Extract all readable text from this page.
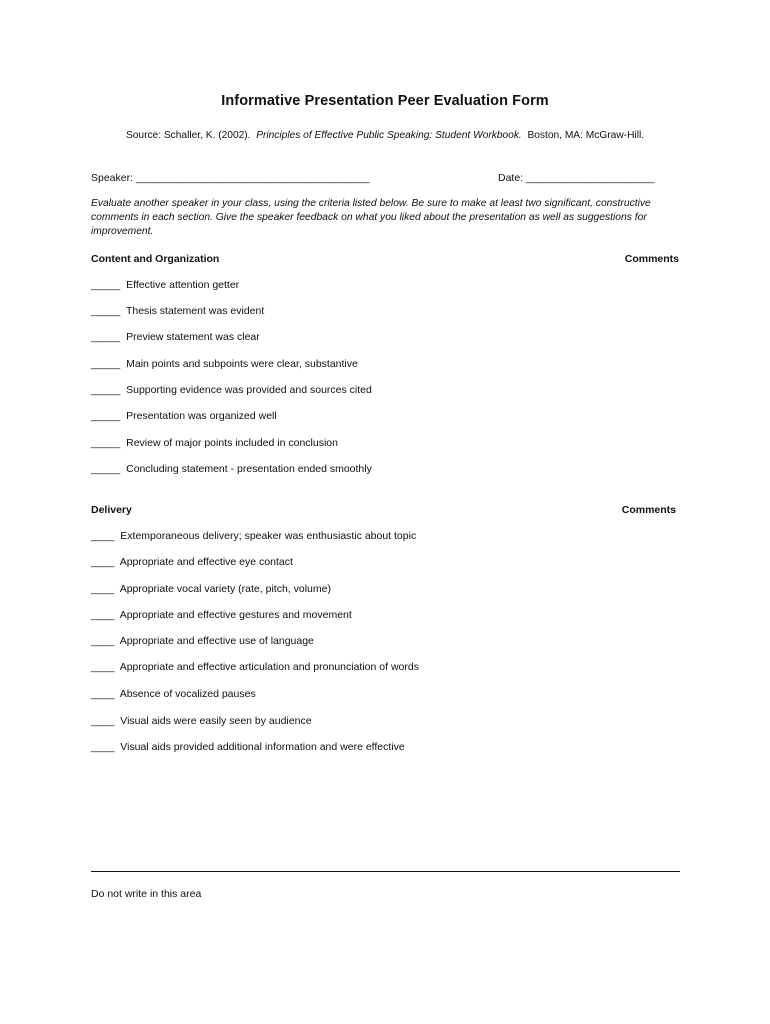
Informative Presentation Peer Evaluation Form
Source: Schaller, K. (2002). Principles of Effective Public Speaking: Student Workbook. Boston, MA: McGraw-Hill.
Speaker: ________________________________________	Date: ______________________
Evaluate another speaker in your class, using the criteria listed below. Be sure to make at least two significant, constructive comments in each section. Give the speaker feedback on what you liked about the presentation as well as suggestions for improvement.
Content and Organization	Comments
_____ Effective attention getter
_____ Thesis statement was evident
_____ Preview statement was clear
_____ Main points and subpoints were clear, substantive
_____ Supporting evidence was provided and sources cited
_____ Presentation was organized well
_____ Review of major points included in conclusion
_____ Concluding statement - presentation ended smoothly
Delivery	Comments
____ Extemporaneous delivery; speaker was enthusiastic about topic
____ Appropriate and effective eye contact
____ Appropriate vocal variety (rate, pitch, volume)
____ Appropriate and effective gestures and movement
____ Appropriate and effective use of language
____ Appropriate and effective articulation and pronunciation of words
____ Absence of vocalized pauses
____ Visual aids were easily seen by audience
____ Visual aids provided additional information and were effective
Do not write in this area
